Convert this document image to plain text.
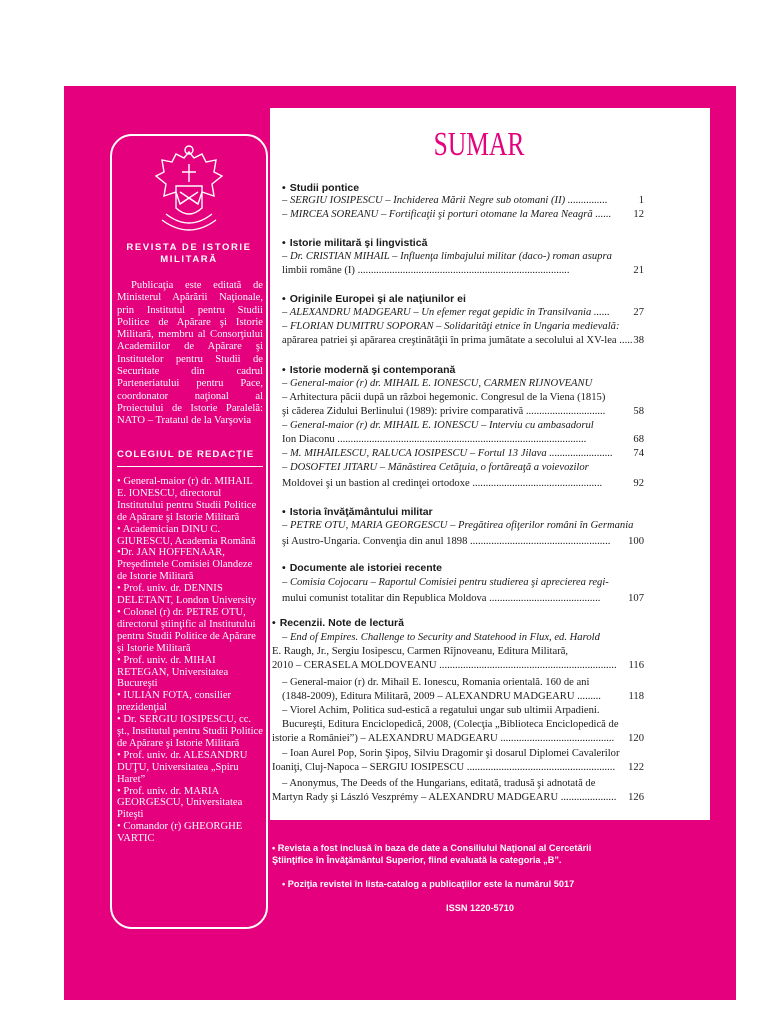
REVISTA DE ISTORIE
MILITARĂ
Publicaţia este editată de Ministerul Apărării Naţionale, prin Institutul pentru Studii Politice de Apărare şi Istorie Militară, membru al Consorţiului Academiilor de Apărare şi Institutelor pentru Studii de Securitate din cadrul Parteneriatului pentru Pace, coordonator naţional al Proiectului de Istorie Paralelă: NATO – Tratatul de la Varşovia
COLEGIUL DE REDACŢIE
• General-maior (r) dr. MIHAIL E. IONESCU, directorul Institutului pentru Studii Politice de Apărare şi Istorie Militară
• Academician DINU C. GIURESCU, Academia Română
•Dr. JAN HOFFENAAR, Preşedintele Comisiei Olandeze de Istorie Militară
• Prof. univ. dr. DENNIS DELETANT, London University
• Colonel (r) dr. PETRE OTU, directorul ştiinţific al Institutului pentru Studii Politice de Apărare şi Istorie Militară
• Prof. univ. dr. MIHAI RETEGAN, Universitatea Bucureşti
• IULIAN FOTA, consilier prezidenţial
• Dr. SERGIU IOSIPESCU, cc. şt., Institutul pentru Studii Politice de Apărare şi Istorie Militară
• Prof. univ. dr. ALESANDRU DUŢU, Universitatea „Spiru Haret”
• Prof. univ. dr. MARIA GEORGESCU, Universitatea Piteşti
• Comandor (r) GHEORGHE VARTIC
SUMAR
• Studii pontice
– SERGIU IOSIPESCU – Închiderea Mării Negre sub otomani (II) ...............	1
– MIRCEA SOREANU – Fortificaţii şi porturi otomane la Marea Neagră ......	12
• Istorie militară şi lingvistică
– Dr. CRISTIAN MIHAIL – Influenţa limbajului militar (daco-) roman asupra
limbii române (I) ................................................................................	21
• Originile Europei şi ale naţiunilor ei
– ALEXANDRU MADGEARU – Un efemer regat gepidic în Transilvania ......	27
– FLORIAN DUMITRU SOPORAN – Solidarităţi etnice în Ungaria medievală:
apărarea patriei şi apărarea creştinătăţii în prima jumătate a secolului al XV-lea ..... 38
• Istorie modernă şi contemporană
– General-maior (r) dr. MIHAIL E. IONESCU, CARMEN RÎJNOVEANU
– Arhitectura păcii după un război hegemonic. Congresul de la Viena (1815)
şi căderea Zidului Berlinului (1989): privire comparativă ..............................	58
– General-maior (r) dr. MIHAIL E. IONESCU – Interviu cu ambasadorul
Ion Diaconu ..............................................................................................	68
– M. MIHĂILESCU, RALUCA IOSIPESCU – Fortul 13 Jilava ........................	74
– DOSOFTEI JITARU – Mănăstirea Cetăţuia, o fortăreaţă a voievozilor
Moldovei şi un bastion al credinţei ortodoxe .................................................	92
• Istoria învăţământului militar
– PETRE OTU, MARIA GEORGESCU – Pregătirea ofiţerilor români în Germania
şi Austro-Ungaria. Convenţia din anul 1898 .....................................................	100
• Documente ale istoriei recente
– Comisia Cojocaru – Raportul Comisiei pentru studierea şi aprecierea regi-
mului comunist totalitar din Republica Moldova ..........................................	107
• Recenzii. Note de lectură
– End of Empires. Challenge to Security and Statehood in Flux, ed. Harold
E. Raugh, Jr., Sergiu Iosipescu, Carmen Rîjnoveanu, Editura Militară,
2010 – CERASELA MOLDOVEANU ...................................................................	116
– General-maior (r) dr. Mihail E. Ionescu, Romania orientală. 160 de ani
(1848-2009), Editura Militară, 2009 – ALEXANDRU MADGEARU .........	118
– Viorel Achim, Politica sud-estică a regatului ungar sub ultimii Arpadieni.
Bucureşti, Editura Enciclopedică, 2008, (Colecţia „Biblioteca Enciclopedică de
istorie a României”) – ALEXANDRU MADGEARU ...........................................	120
– Ioan Aurel Pop, Sorin Şipoş, Silviu Dragomir şi dosarul Diplomei Cavalerilor
Ioaniţi, Cluj-Napoca – SERGIU IOSIPESCU ........................................................	122
– Anonymus, The Deeds of the Hungarians, editată, tradusă şi adnotată de
Martyn Rady şi László Veszprémy – ALEXANDRU MADGEARU .....................	126
• Revista a fost inclusă în baza de date a Consiliului Naţional al Cercetării
Ştiinţifice în Învăţământul Superior, fiind evaluată la categoria „B”.
• Poziţia revistei în lista-catalog a publicaţiilor este la numărul 5017
ISSN 1220-5710
